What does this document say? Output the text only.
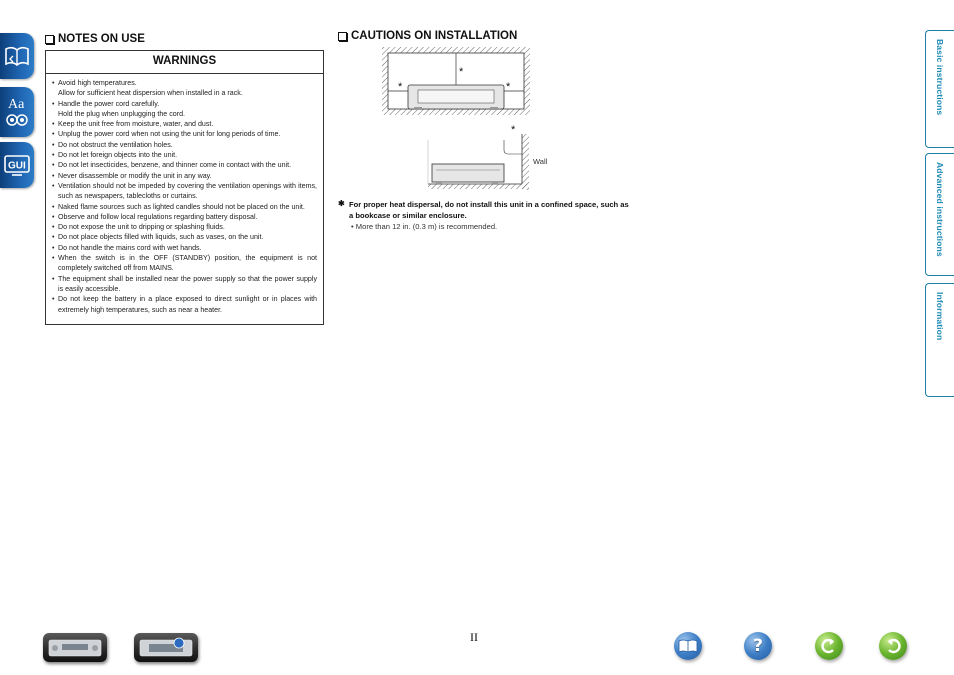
Aa
GUI
NOTES ON USE
WARNINGS
• Avoid high temperatures.
Allow for sufficient heat dispersion when installed in a rack.
• Handle the power cord carefully.
Hold the plug when unplugging the cord.
• Keep the unit free from moisture, water, and dust.
• Unplug the power cord when not using the unit for long periods of time.
• Do not obstruct the ventilation holes.
• Do not let foreign objects into the unit.
• Do not let insecticides, benzene, and thinner come in contact with the unit.
• Never disassemble or modify the unit in any way.
• Ventilation should not be impeded by covering the ventilation openings with items, such as newspapers, tablecloths or curtains.
• Naked flame sources such as lighted candles should not be placed on the unit.
• Observe and follow local regulations regarding battery disposal.
• Do not expose the unit to dripping or splashing fluids.
• Do not place objects filled with liquids, such as vases, on the unit.
• Do not handle the mains cord with wet hands.
• When the switch is in the OFF (STANDBY) position, the equipment is not completely switched off from MAINS.
• The equipment shall be installed near the power supply so that the power supply is easily accessible.
• Do not keep the battery in a place exposed to direct sunlight or in places with extremely high temperatures, such as near a heater.
CAUTIONS ON INSTALLATION
*
*	*
*
Wall
✱ For proper heat dispersal, do not install this unit in a confined space, such as a bookcase or similar enclosure.
• More than 12 in. (0.3 m) is recommended.
Basic instructions
Advanced instructions
Information
II	?
